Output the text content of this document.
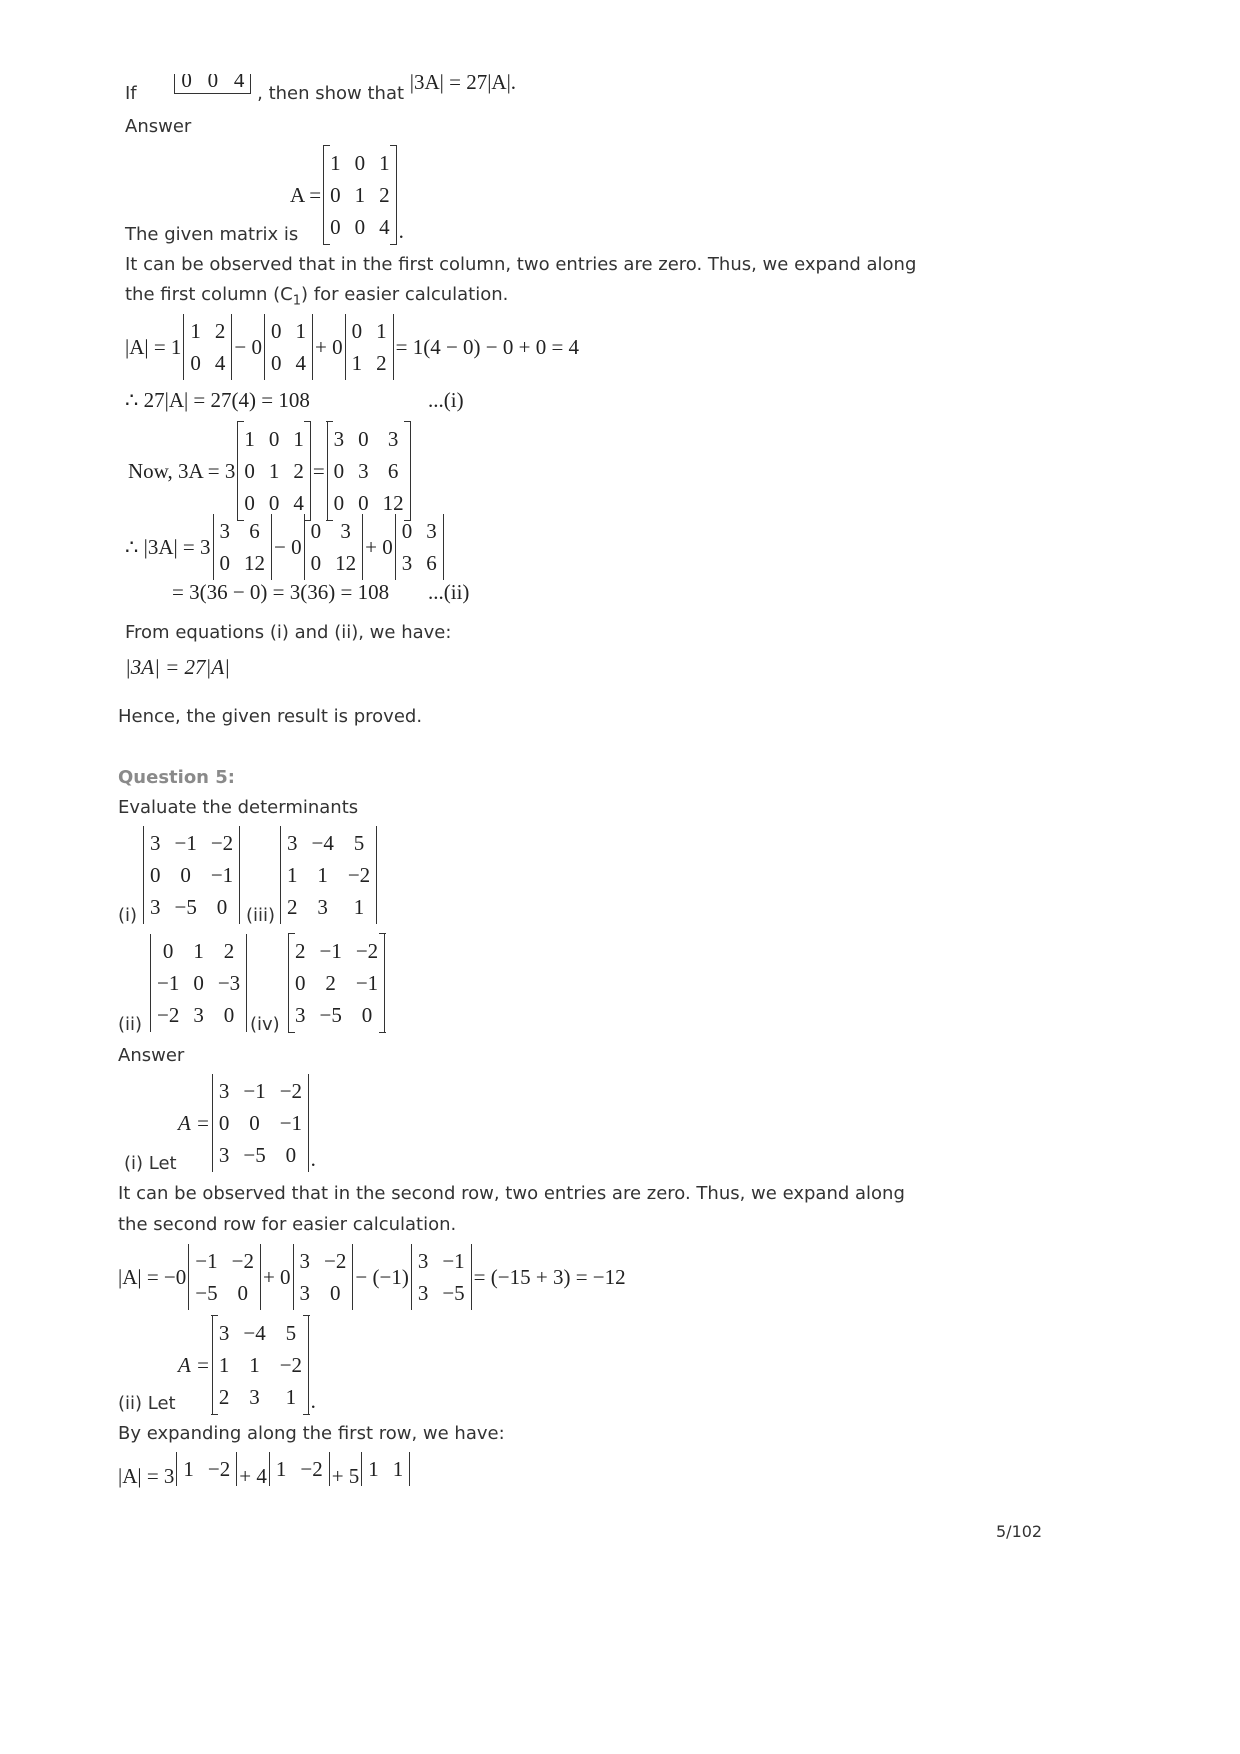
If 0 0 4 , then show that |3A| = 27|A|.
Answer
A =
1 0 1
0 1 2
0 0 4 .
The given matrix is
It can be observed that in the first column, two entries are zero. Thus, we expand along
the first column $(C_1)$ for easier calculation.
|A| = 1
1 2
0 4
− 0
0 1
0 4
+ 0
0 1
1 2
= 1(4 − 0) − 0 + 0 = 4
∴ 27|A| = 27(4) = 108	...(i)
Now, 3A = 3
1 0 1
0 1 2
0 0 4
=
3 0 3
0 3 6
0 0 12
∴ |3A| = 3
3 6
0 12
− 0
0 3
0 12
+ 0
0 3
3 6
= 3(36 − 0) = 3(36) = 108 ...(ii)
From equations (i) and (ii), we have:
|3A| = 27|A|
Hence, the given result is proved.
Question 5:
Evaluate the determinants
(i)
3 −1 −2
0 0 −1
3 −5 0	(iii)
3 −4 5
1 1 −2
2 3 1
(ii)
0 1 2
−1 0 −3
−2 3 0 (iv)
2 −1 −2
0 2 −1
3 −5 0
Answer
A =
3 −1 −2
0 0 −1
3 −5 0 .
(i) Let
It can be observed that in the second row, two entries are zero. Thus, we expand along
the second row for easier calculation.
|A| = −0
−1 −2
−5 0
+ 0
3 −2
3 0
− (−1)
3 −1
3 −5
= (−15 + 3) = −12
A =
3 −4 5
1 1 −2
2 3 1 .
(ii) Let
By expanding along the first row, we have:
|A| = 3 1 −2 + 4 1 −2 + 5 1 1
5/102
